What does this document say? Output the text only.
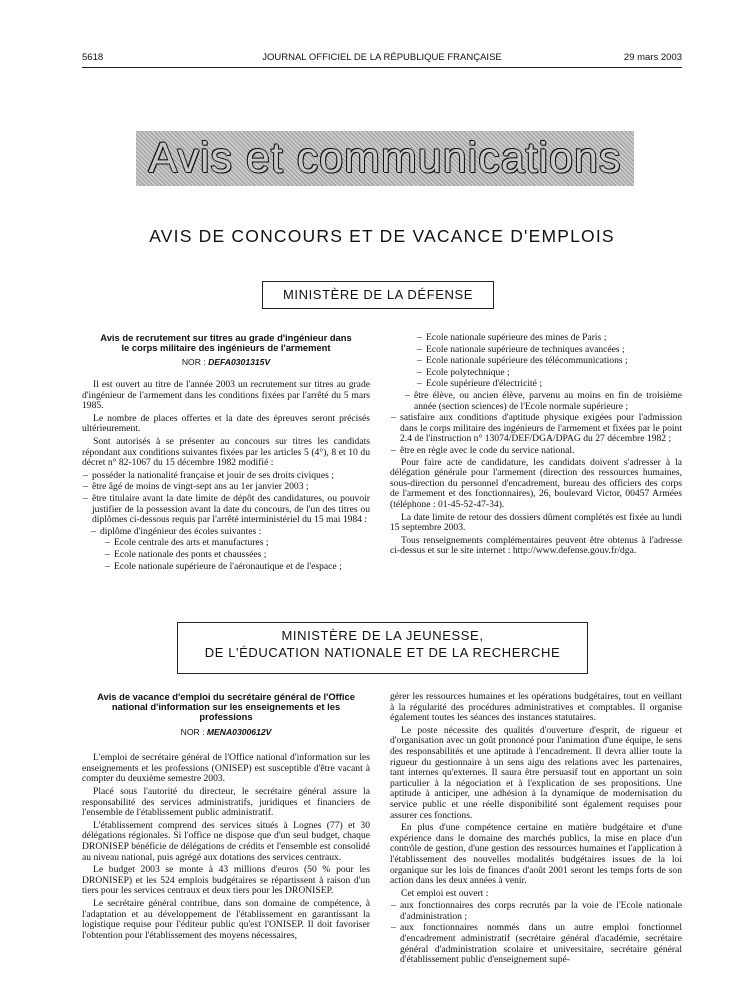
5618	JOURNAL OFFICIEL DE LA RÉPUBLIQUE FRANÇAISE	29 mars 2003
Avis et communications
AVIS DE CONCOURS ET DE VACANCE D'EMPLOIS
MINISTÈRE DE LA DÉFENSE
Avis de recrutement sur titres au grade d'ingénieur dans le corps militaire des ingénieurs de l'armement
NOR : DEFA0301315V

Il est ouvert au titre de l'année 2003 un recrutement sur titres au grade d'ingénieur de l'armement dans les conditions fixées par l'arrêté du 5 mars 1985.

Le nombre de places offertes et la date des épreuves seront précisés ultérieurement.

Sont autorisés à se présenter au concours sur titres les candidats répondant aux conditions suivantes fixées par les articles 5 (4°), 8 et 10 du décret n° 82-1067 du 15 décembre 1982 modifié :

– posséder la nationalité française et jouir de ses droits civiques ;
– être âgé de moins de vingt-sept ans au 1er janvier 2003 ;
– être titulaire avant la date limite de dépôt des candidatures, ou pouvoir justifier de la possession avant la date du concours, de l'un des titres ou diplômes ci-dessous requis par l'arrêté interministériel du 15 mai 1984 :
– diplôme d'ingénieur des écoles suivantes :
– Ecole centrale des arts et manufactures ;
– Ecole nationale des ponts et chaussées ;
– Ecole nationale supérieure de l'aéronautique et de l'espace ;
– Ecole nationale supérieure des mines de Paris ;
– Ecole nationale supérieure de techniques avancées ;
– Ecole nationale supérieure des télécommunications ;
– Ecole polytechnique ;
– Ecole supérieure d'électricité ;
– être élève, ou ancien élève, parvenu au moins en fin de troisième année (section sciences) de l'Ecole normale supérieure ;
– satisfaire aux conditions d'aptitude physique exigées pour l'admission dans le corps militaire des ingénieurs de l'armement et fixées par le point 2.4 de l'instruction n° 13074/DEF/DGA/DPAG du 27 décembre 1982 ;
– être en règle avec le code du service national.

Pour faire acte de candidature, les candidats doivent s'adresser à la délégation générale pour l'armement (direction des ressources humaines, sous-direction du personnel d'encadrement, bureau des officiers des corps de l'armement et des fonctionnaires), 26, boulevard Victor, 00457 Armées (téléphone : 01-45-52-47-34).

La date limite de retour des dossiers dûment complétés est fixée au lundi 15 septembre 2003.

Tous renseignements complémentaires peuvent être obtenus à l'adresse ci-dessus et sur le site internet : http://www.defense.gouv.fr/dga.

MINISTÈRE DE LA JEUNESSE,
DE L'ÉDUCATION NATIONALE ET DE LA RECHERCHE
Avis de vacance d'emploi du secrétaire général de l'Office national d'information sur les enseignements et les professions
NOR : MENA0300612V

L'emploi de secrétaire général de l'Office national d'information sur les enseignements et les professions (ONISEP) est susceptible d'être vacant à compter du deuxième semestre 2003.

Placé sous l'autorité du directeur, le secrétaire général assure la responsabilité des services administratifs, juridiques et financiers de l'ensemble de l'établissement public administratif.

L'établissement comprend des services situés à Lognes (77) et 30 délégations régionales. Si l'office ne dispose que d'un seul budget, chaque DRONISEP bénéficie de délégations de crédits et l'ensemble est consolidé au niveau national, puis agrégé aux dotations des services centraux.

Le budget 2003 se monte à 43 millions d'euros (50 % pour les DRONISEP) et les 524 emplois budgétaires se répartissent à raison d'un tiers pour les services centraux et deux tiers pour les DRONISEP.

Le secrétaire général contribue, dans son domaine de compétence, à l'adaptation et au développement de l'établissement en garantissant la logistique requise pour l'éditeur public qu'est l'ONISEP. Il doit favoriser l'obtention pour l'établissement des moyens nécessaires,

gérer les ressources humaines et les opérations budgétaires, tout en veillant à la régularité des procédures administratives et comptables. Il organise également toutes les séances des instances statutaires.

Le poste nécessite des qualités d'ouverture d'esprit, de rigueur et d'organisation avec un goût prononcé pour l'animation d'une équipe, le sens des responsabilités et une aptitude à l'encadrement. Il devra allier toute la rigueur du gestionnaire à un sens aigu des relations avec les partenaires, tant internes qu'externes. Il saura être persuasif tout en apportant un soin particulier à la négociation et à l'explication de ses propositions. Une aptitude à anticiper, une adhésion à la dynamique de modernisation du service public et une réelle disponibilité sont également requises pour assurer ces fonctions.

En plus d'une compétence certaine en matière budgétaire et d'une expérience dans le domaine des marchés publics, la mise en place d'un contrôle de gestion, d'une gestion des ressources humaines et l'application à l'établissement des nouvelles modalités budgétaires issues de la loi organique sur les lois de finances d'août 2001 seront les temps forts de son action dans les deux années à venir.

Cet emploi est ouvert :

– aux fonctionnaires des corps recrutés par la voie de l'Ecole nationale d'administration ;
– aux fonctionnaires nommés dans un autre emploi fonctionnel d'encadrement administratif (secrétaire général d'académie, secrétaire général d'administration scolaire et universitaire, secrétaire général d'établissement public d'enseignement supé-
